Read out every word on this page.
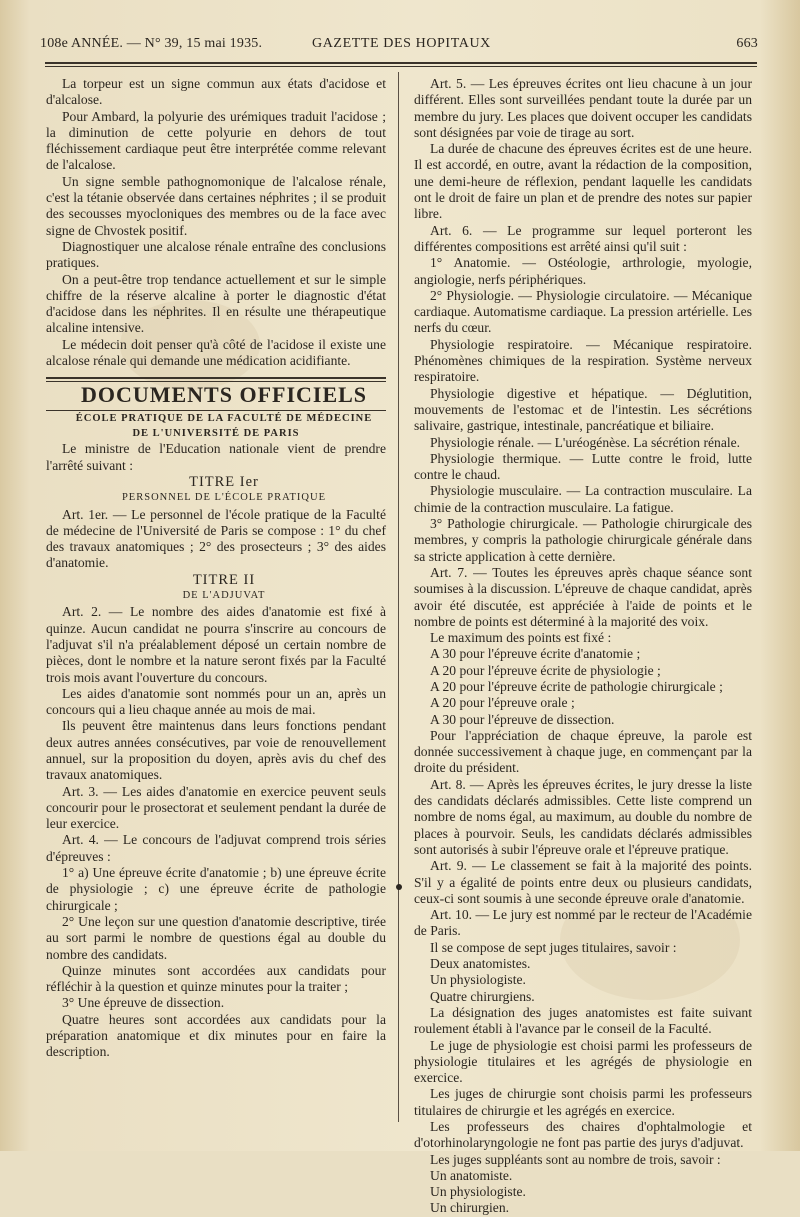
108e ANNÉE. — N° 39, 15 mai 1935.	GAZETTE DES HOPITAUX	663

La torpeur est un signe commun aux états d'acidose et d'alcalose.

Pour Ambard, la polyurie des urémiques traduit l'acidose ; la diminution de cette polyurie en dehors de tout fléchissement cardiaque peut être interprétée comme relevant de l'alcalose.

Un signe semble pathognomonique de l'alcalose rénale, c'est la tétanie observée dans certaines néphrites ; il se produit des secousses myocloniques des membres ou de la face avec signe de Chvostek positif.

Diagnostiquer une alcalose rénale entraîne des conclusions pratiques.

On a peut-être trop tendance actuellement et sur le simple chiffre de la réserve alcaline à porter le diagnostic d'état d'acidose dans les néphrites. Il en résulte une thérapeutique alcaline intensive.

Le médecin doit penser qu'à côté de l'acidose il existe une alcalose rénale qui demande une médication acidifiante.

DOCUMENTS OFFICIELS

ÉCOLE PRATIQUE DE LA FACULTÉ DE MÉDECINE
DE L'UNIVERSITÉ DE PARIS

Le ministre de l'Education nationale vient de prendre l'arrêté suivant :

TITRE Ier

PERSONNEL DE L'ÉCOLE PRATIQUE

Art. 1er. — Le personnel de l'école pratique de la Faculté de médecine de l'Université de Paris se compose : 1° du chef des travaux anatomiques ; 2° des prosecteurs ; 3° des aides d'anatomie.

TITRE II

DE L'ADJUVAT

Art. 2. — Le nombre des aides d'anatomie est fixé à quinze. Aucun candidat ne pourra s'inscrire au concours de l'adjuvat s'il n'a préalablement déposé un certain nombre de pièces, dont le nombre et la nature seront fixés par la Faculté trois mois avant l'ouverture du concours.

Les aides d'anatomie sont nommés pour un an, après un concours qui a lieu chaque année au mois de mai.

Ils peuvent être maintenus dans leurs fonctions pendant deux autres années consécutives, par voie de renouvellement annuel, sur la proposition du doyen, après avis du chef des travaux anatomiques.

Art. 3. — Les aides d'anatomie en exercice peuvent seuls concourir pour le prosectorat et seulement pendant la durée de leur exercice.

Art. 4. — Le concours de l'adjuvat comprend trois séries d'épreuves :

1° a) Une épreuve écrite d'anatomie ; b) une épreuve écrite de physiologie ; c) une épreuve écrite de pathologie chirurgicale ;

2° Une leçon sur une question d'anatomie descriptive, tirée au sort parmi le nombre de questions égal au double du nombre des candidats.

Quinze minutes sont accordées aux candidats pour réfléchir à la question et quinze minutes pour la traiter ;

3° Une épreuve de dissection.

Quatre heures sont accordées aux candidats pour la préparation anatomique et dix minutes pour en faire la description.

Art. 5. — Les épreuves écrites ont lieu chacune à un jour différent. Elles sont surveillées pendant toute la durée par un membre du jury. Les places que doivent occuper les candidats sont désignées par voie de tirage au sort.

La durée de chacune des épreuves écrites est de une heure. Il est accordé, en outre, avant la rédaction de la composition, une demi-heure de réflexion, pendant laquelle les candidats ont le droit de faire un plan et de prendre des notes sur papier libre.

Art. 6. — Le programme sur lequel porteront les différentes compositions est arrêté ainsi qu'il suit :

1° Anatomie. — Ostéologie, arthrologie, myologie, angiologie, nerfs périphériques.

2° Physiologie. — Physiologie circulatoire. — Mécanique cardiaque. Automatisme cardiaque. La pression artérielle. Les nerfs du cœur.

Physiologie respiratoire. — Mécanique respiratoire. Phénomènes chimiques de la respiration. Système nerveux respiratoire.

Physiologie digestive et hépatique. — Déglutition, mouvements de l'estomac et de l'intestin. Les sécrétions salivaire, gastrique, intestinale, pancréatique et biliaire.

Physiologie rénale. — L'uréogénèse. La sécrétion rénale.

Physiologie thermique. — Lutte contre le froid, lutte contre le chaud.

Physiologie musculaire. — La contraction musculaire. La chimie de la contraction musculaire. La fatigue.

3° Pathologie chirurgicale. — Pathologie chirurgicale des membres, y compris la pathologie chirurgicale générale dans sa stricte application à cette dernière.

Art. 7. — Toutes les épreuves après chaque séance sont soumises à la discussion. L'épreuve de chaque candidat, après avoir été discutée, est appréciée à l'aide de points et le nombre de points est déterminé à la majorité des voix.

Le maximum des points est fixé :

A 30 pour l'épreuve écrite d'anatomie ;

A 20 pour l'épreuve écrite de physiologie ;

A 20 pour l'épreuve écrite de pathologie chirurgicale ;

A 20 pour l'épreuve orale ;

A 30 pour l'épreuve de dissection.

Pour l'appréciation de chaque épreuve, la parole est donnée successivement à chaque juge, en commençant par la droite du président.

Art. 8. — Après les épreuves écrites, le jury dresse la liste des candidats déclarés admissibles. Cette liste comprend un nombre de noms égal, au maximum, au double du nombre de places à pourvoir. Seuls, les candidats déclarés admissibles sont autorisés à subir l'épreuve orale et l'épreuve pratique.

Art. 9. — Le classement se fait à la majorité des points. S'il y a égalité de points entre deux ou plusieurs candidats, ceux-ci sont soumis à une seconde épreuve orale d'anatomie.

Art. 10. — Le jury est nommé par le recteur de l'Académie de Paris.

Il se compose de sept juges titulaires, savoir :

Deux anatomistes.

Un physiologiste.

Quatre chirurgiens.

La désignation des juges anatomistes est faite suivant roulement établi à l'avance par le conseil de la Faculté.

Le juge de physiologie est choisi parmi les professeurs de physiologie titulaires et les agrégés de physiologie en exercice.

Les juges de chirurgie sont choisis parmi les professeurs titulaires de chirurgie et les agrégés en exercice.

Les professeurs des chaires d'ophtalmologie et d'otorhinolaryngologie ne font pas partie des jurys d'adjuvat.

Les juges suppléants sont au nombre de trois, savoir :

Un anatomiste.

Un physiologiste.

Un chirurgien.
